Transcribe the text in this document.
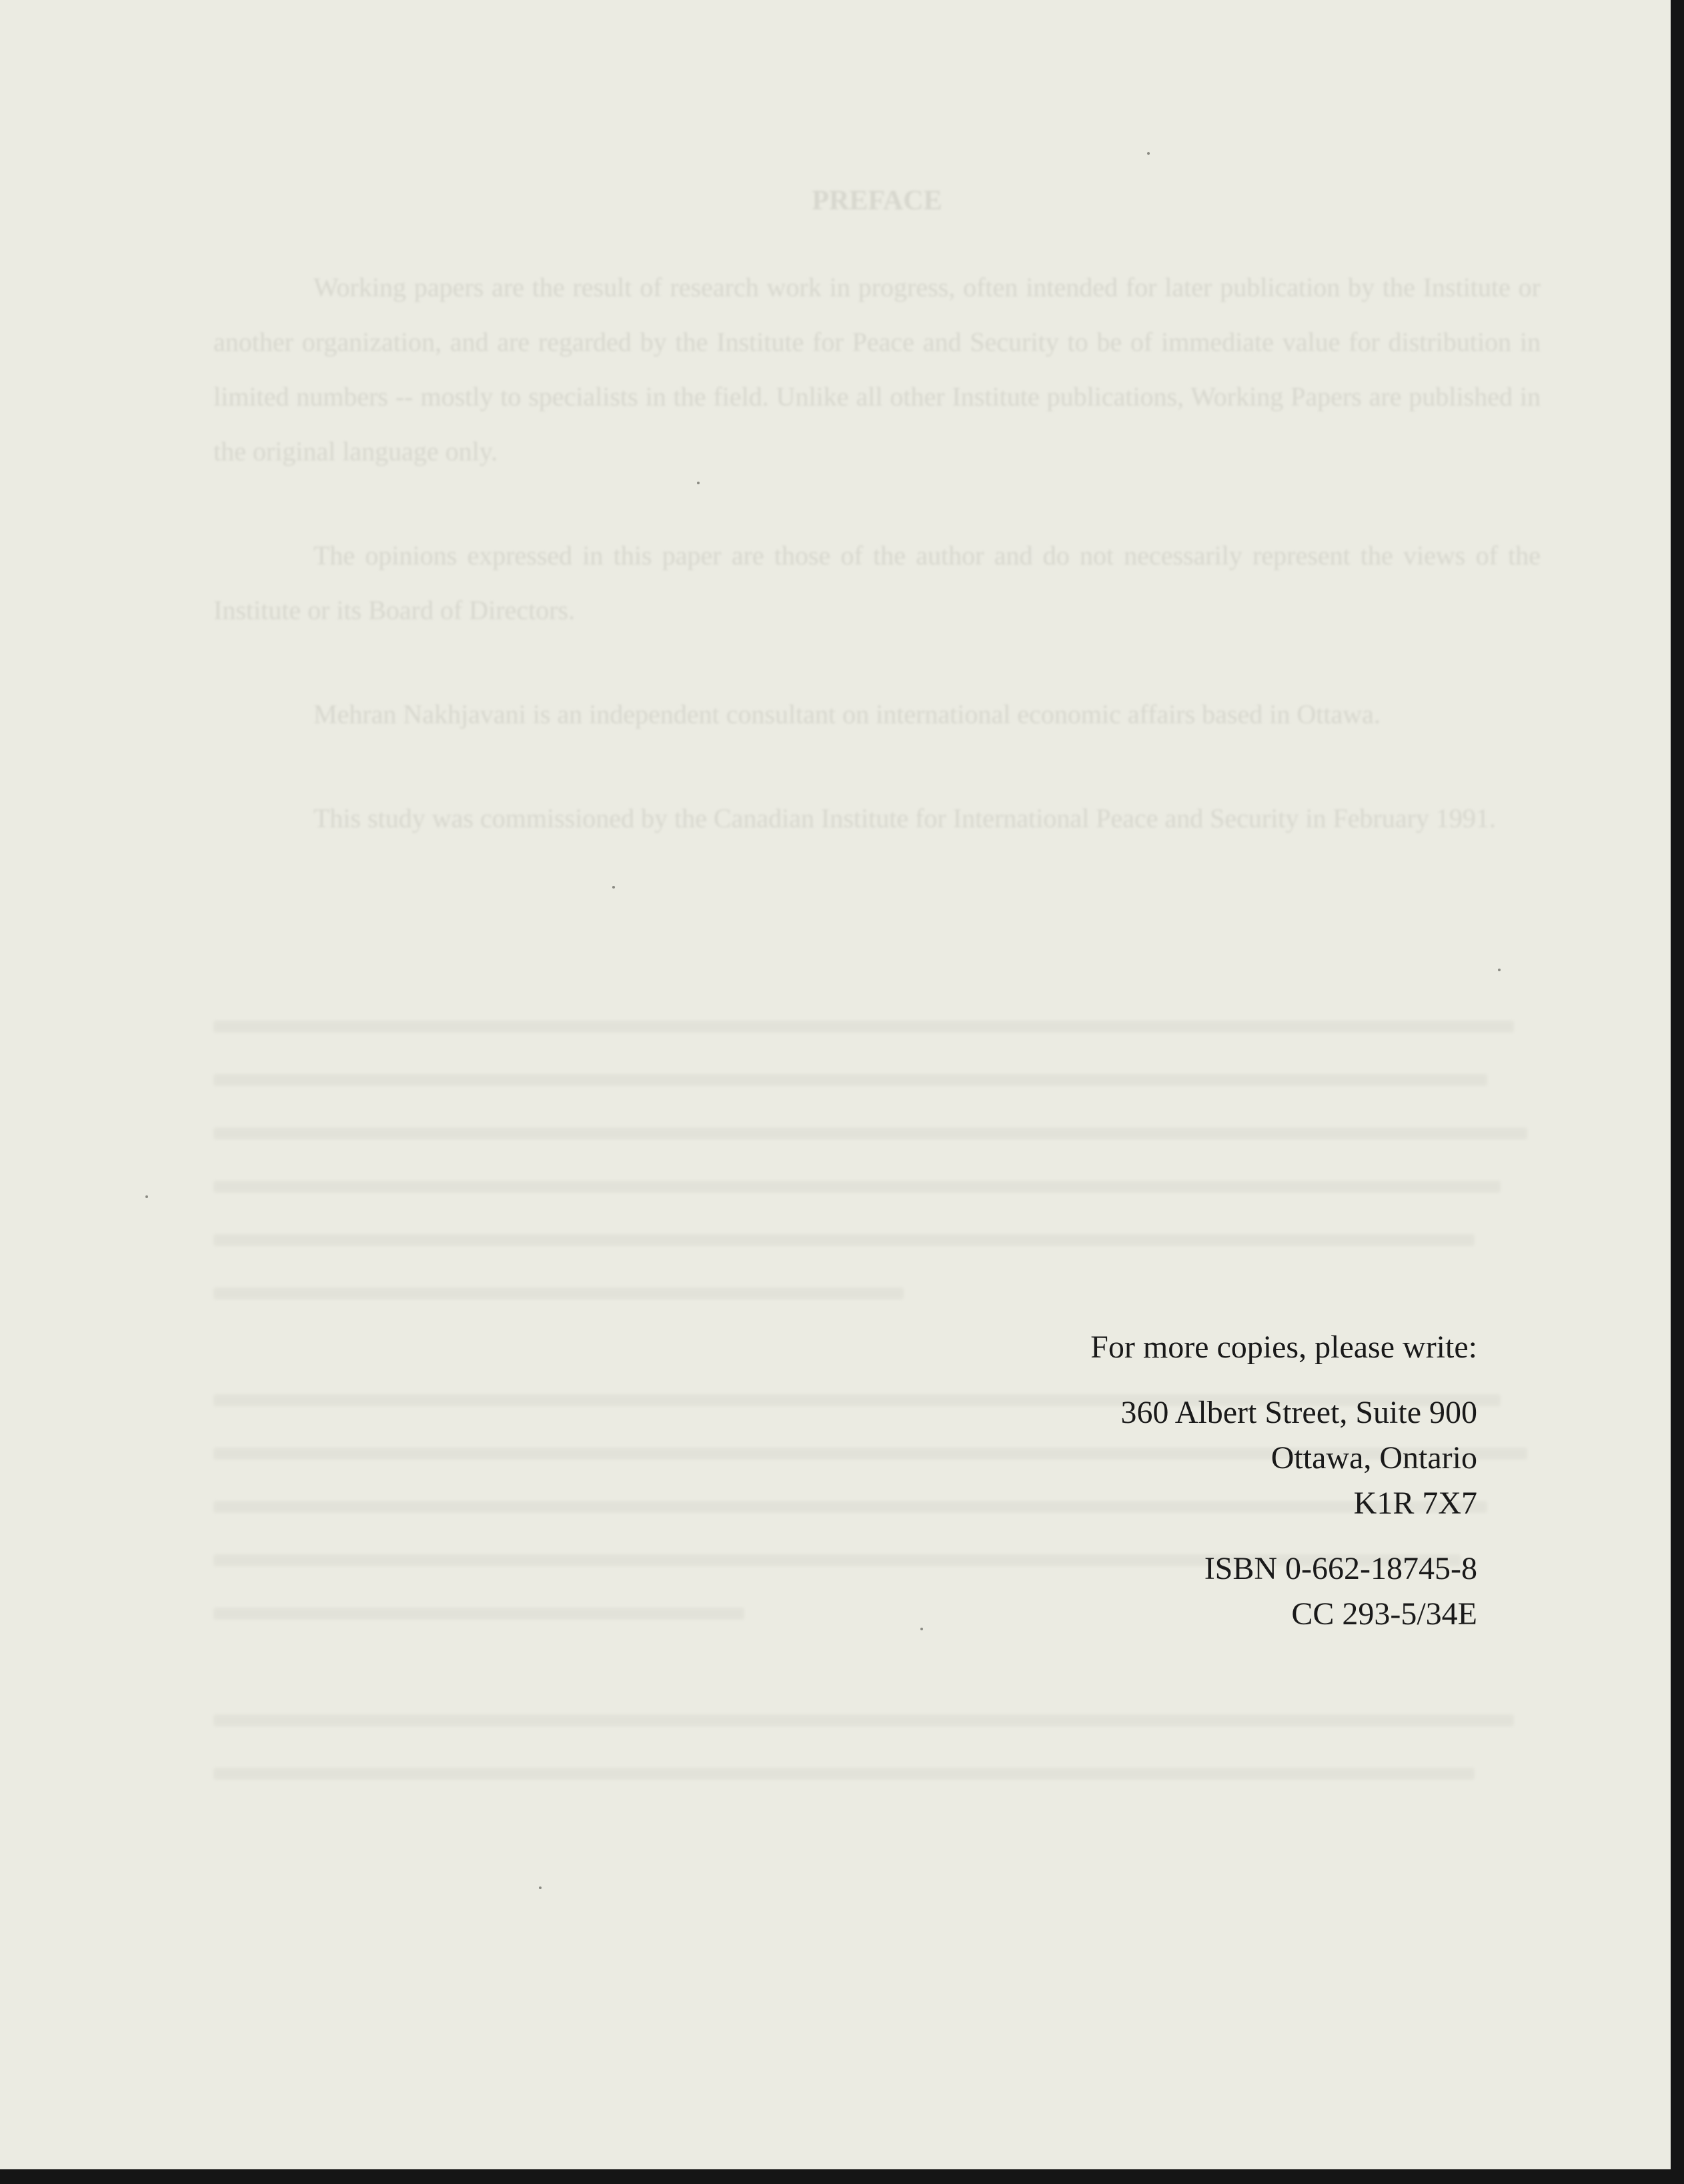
PREFACE

Working papers are the result of research work in progress, often intended for later publication by the Institute or another organization, and are regarded by the Institute for Peace and Security to be of immediate value for distribution in limited numbers -- mostly to specialists in the field. Unlike all other Institute publications, Working Papers are published in the original language only.

The opinions expressed in this paper are those of the author and do not necessarily represent the views of the Institute or its Board of Directors.

Mehran Nakhjavani is an independent consultant on international economic affairs based in Ottawa.

This study was commissioned by the Canadian Institute for International Peace and Security in February 1991.

For more copies, please write:
360 Albert Street, Suite 900
Ottawa, Ontario
K1R 7X7
ISBN 0-662-18745-8
CC 293-5/34E
